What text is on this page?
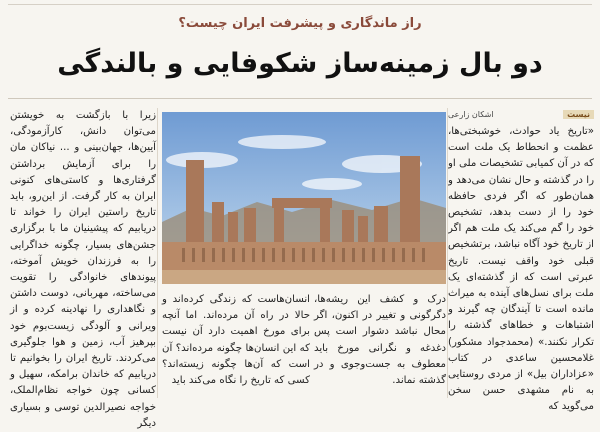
راز ماندگاری و پیشرفت ایران چیست؟
دو بال زمینه‌ساز شکوفایی و بالندگی
نیست
اشکان زارعی
«تاریخ یاد حوادث، خوشبختی‌ها، عظمت و انحطاط یک ملت است که در آن کمیابی تشخیصات ملی او را در گذشته و حال نشان می‌دهد و همان‌طور که اگر فردی حافظه خود را از دست بدهد، تشخیص خود را گم می‌کند یک ملت هم اگر از تاریخ خود آگاه نباشد، برتشخیص قبلی خود واقف نیست. تاریخ عبرتی است که از گذشته‌ای یک ملت برای نسل‌های آینده به میراث مانده است تا آیندگان چه گیرند و اشتباهات و خطاهای گذشته را تکرار نکنند.» (محمدجواد مشکور) غلامحسین ساعدی در کتاب «عزاداران بیل» از مردی روستایی به نام مشهدی حسن سخن می‌گوید که
درک و کشف این ریشه‌ها، دگرگونی و تغییر در اکنون، اگر محال نباشد دشوار است پس دغدغه و نگرانی مورخ باید معطوف به جست‌وجوی و در گذشته نماند.
انسان‌هاست که زندگی کرده‌اند و حالا در راه آن مرده‌اند. اما آنچه برای مورخ اهمیت دارد آن نیست که این انسان‌ها چگونه مرده‌اند؟ آن است که آن‌ها چگونه زیسته‌اند؟ کسی که تاریخ را نگاه می‌کند باید
زیرا با بازگشت به خویشتن می‌توان دانش، کارآزمودگی، آیین‌ها، جهان‌بینی و ... نیاکان مان را برای آزمایش برداشتن گرفتاری‌ها و کاستی‌های کنونی ایران به کار گرفت. از این‌رو، باید تاریخ راستین ایران را خواند تا دریابیم که پیشینیان ما با برگزاری جشن‌های بسیار، چگونه خداگرایی را به فرزندان خویش آموخته، پیوندهای خانوادگی را تقویت می‌ساخته، مهربانی، دوست داشتن و نگاهداری را نهادینه کرده و از ویرانی و آلودگی زیست‌بوم خود بپرهیز آب، زمین و هوا جلوگیری می‌کردند. تاریخ ایران را بخوانیم تا دریابیم که خاندان برامکه، سهیل و کسانی چون خواجه نظام‌الملک، خواجه نصیرالدین توسی و بسیاری دیگر
